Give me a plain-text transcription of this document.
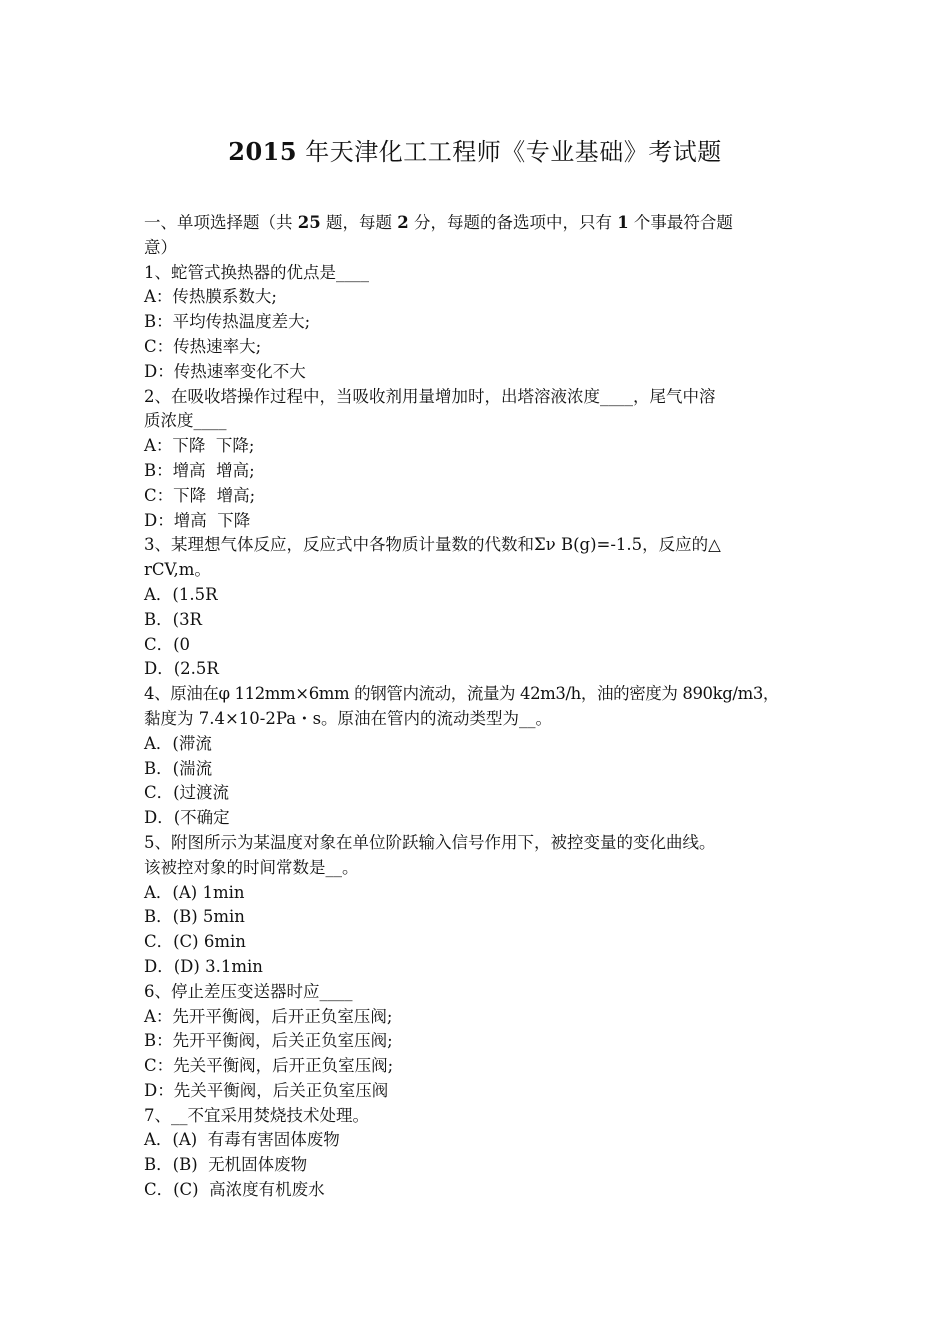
2015 年天津化工工程师《专业基础》考试题

一、单项选择题（共 25 题，每题 2 分，每题的备选项中，只有 1 个事最符合题

意）

1、蛇管式换热器的优点是____

A：传热膜系数大;

B：平均传热温度差大;

C：传热速率大;

D：传热速率变化不大

2、在吸收塔操作过程中，当吸收剂用量增加时，出塔溶液浓度____，尾气中溶

质浓度____

A：下降  下降;

B：增高  增高;

C：下降  增高;

D：增高  下降

3、某理想气体反应，反应式中各物质计量数的代数和Σν B(g)=-1.5，反应的△

rCV,m。

A．(1.5R

B．(3R

C．(0

D．(2.5R

4、原油在φ 112mm×6mm 的钢管内流动，流量为 42m3/h，油的密度为 890kg/m3，

黏度为 7.4×10-2Pa・s。原油在管内的流动类型为__。

A．(滞流

B．(湍流

C．(过渡流

D．(不确定

5、附图所示为某温度对象在单位阶跃输入信号作用下，被控变量的变化曲线。

该被控对象的时间常数是__。

A．(A) 1min

B．(B) 5min

C．(C) 6min

D．(D) 3.1min

6、停止差压变送器时应____

A：先开平衡阀，后开正负室压阀;

B：先开平衡阀，后关正负室压阀;

C：先关平衡阀，后开正负室压阀;

D：先关平衡阀，后关正负室压阀

7、__不宜采用焚烧技术处理。

A．(A)  有毒有害固体废物

B．(B)  无机固体废物

C．(C)  高浓度有机废水
